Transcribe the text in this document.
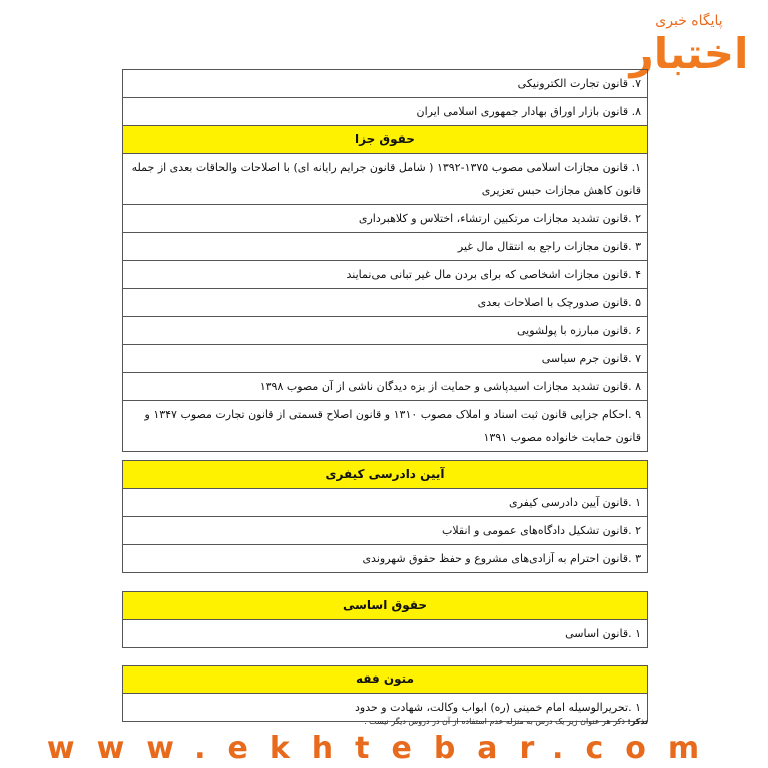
پایگاه خبری
اختبار
۷. قانون تجارت الکترونیکی
۸. قانون بازار اوراق بهادار جمهوری اسلامی ایران
حقوق جزا
۱. قانون مجازات اسلامی مصوب ۱۳۷۵-۱۳۹۲ ( شامل قانون جرایم رایانه ای) با اصلاحات والحاقات بعدی از جمله قانون کاهش مجازات حبس تعزیری
۲ .قانون تشدید مجازات مرتکبین ارتشاء، اختلاس و کلاهبرداری
۳ .قانون مجازات راجع به انتقال مال غیر
۴ .قانون مجازات اشخاصی که برای بردن مال غیر تبانی می‌نمایند
۵ .قانون صدورچک با اصلاحات بعدی
۶ .قانون مبارزه با پولشویی
۷ .قانون جرم سیاسی
۸ .قانون تشدید مجازات اسیدپاشی و حمایت از بزه دیدگان ناشی از آن مصوب ۱۳۹۸
۹ .احکام جزایی قانون ثبت اسناد و املاک مصوب ۱۳۱۰ و قانون اصلاح قسمتی از قانون تجارت مصوب ۱۳۴۷ و قانون حمایت خانواده مصوب ۱۳۹۱
آیین دادرسی کیفری
۱ .قانون آیین دادرسی کیفری
۲ .قانون تشکیل دادگاه‌های عمومی و انقلاب
۳ .قانون احترام به آزادی‌های مشروع و حفظ حقوق شهروندی
حقوق اساسی
۱ .قانون اساسی
متون فقه
۱ .تحریرالوسیله امام خمینی (ره) ابواب وکالت، شهادت و حدود
تذکر: ذکر هر عنوان زیر یک درس به منزله عدم استفاده از آن در دروس دیگر نیست .
www.ekhtebar.com
